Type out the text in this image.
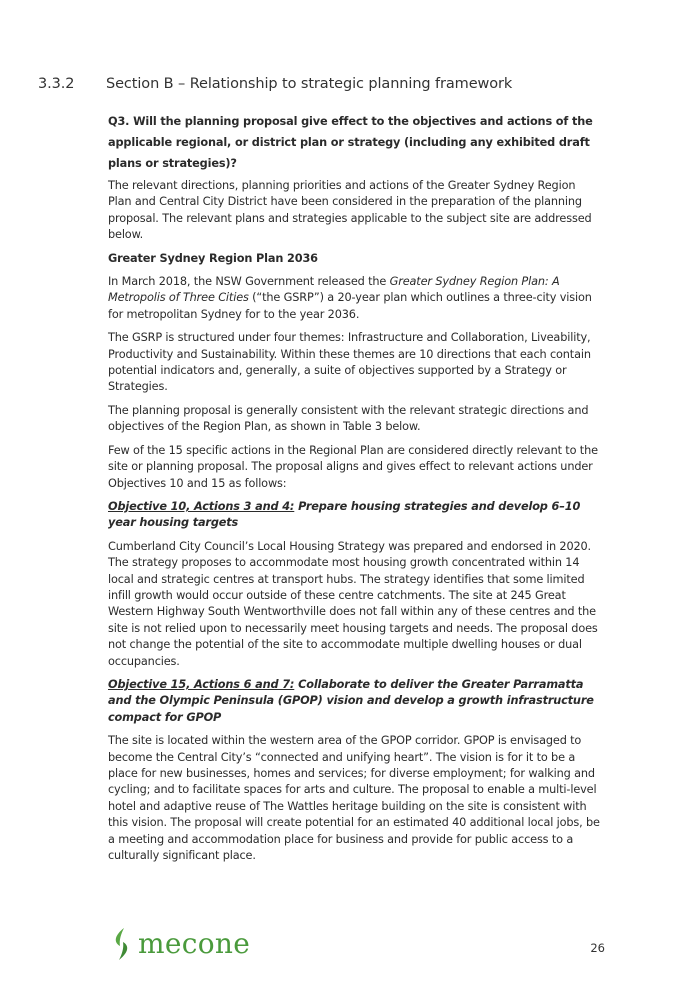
3.3.2 Section B – Relationship to strategic planning framework

Q3. Will the planning proposal give effect to the objectives and actions of the applicable regional, or district plan or strategy (including any exhibited draft plans or strategies)?

The relevant directions, planning priorities and actions of the Greater Sydney Region Plan and Central City District have been considered in the preparation of the planning proposal. The relevant plans and strategies applicable to the subject site are addressed below.

Greater Sydney Region Plan 2036

In March 2018, the NSW Government released the Greater Sydney Region Plan: A Metropolis of Three Cities (“the GSRP”) a 20-year plan which outlines a three-city vision for metropolitan Sydney for to the year 2036.

The GSRP is structured under four themes: Infrastructure and Collaboration, Liveability, Productivity and Sustainability. Within these themes are 10 directions that each contain potential indicators and, generally, a suite of objectives supported by a Strategy or Strategies.

The planning proposal is generally consistent with the relevant strategic directions and objectives of the Region Plan, as shown in Table 3 below.

Few of the 15 specific actions in the Regional Plan are considered directly relevant to the site or planning proposal. The proposal aligns and gives effect to relevant actions under Objectives 10 and 15 as follows:

Objective 10, Actions 3 and 4: Prepare housing strategies and develop 6–10 year housing targets

Cumberland City Council’s Local Housing Strategy was prepared and endorsed in 2020. The strategy proposes to accommodate most housing growth concentrated within 14 local and strategic centres at transport hubs. The strategy identifies that some limited infill growth would occur outside of these centre catchments. The site at 245 Great Western Highway South Wentworthville does not fall within any of these centres and the site is not relied upon to necessarily meet housing targets and needs. The proposal does not change the potential of the site to accommodate multiple dwelling houses or dual occupancies.

Objective 15, Actions 6 and 7: Collaborate to deliver the Greater Parramatta and the Olympic Peninsula (GPOP) vision and develop a growth infrastructure compact for GPOP

The site is located within the western area of the GPOP corridor. GPOP is envisaged to become the Central City’s “connected and unifying heart”. The vision is for it to be a place for new businesses, homes and services; for diverse employment; for walking and cycling; and to facilitate spaces for arts and culture. The proposal to enable a multi-level hotel and adaptive reuse of The Wattles heritage building on the site is consistent with this vision. The proposal will create potential for an estimated 40 additional local jobs, be a meeting and accommodation place for business and provide for public access to a culturally significant place.

mecone	26
